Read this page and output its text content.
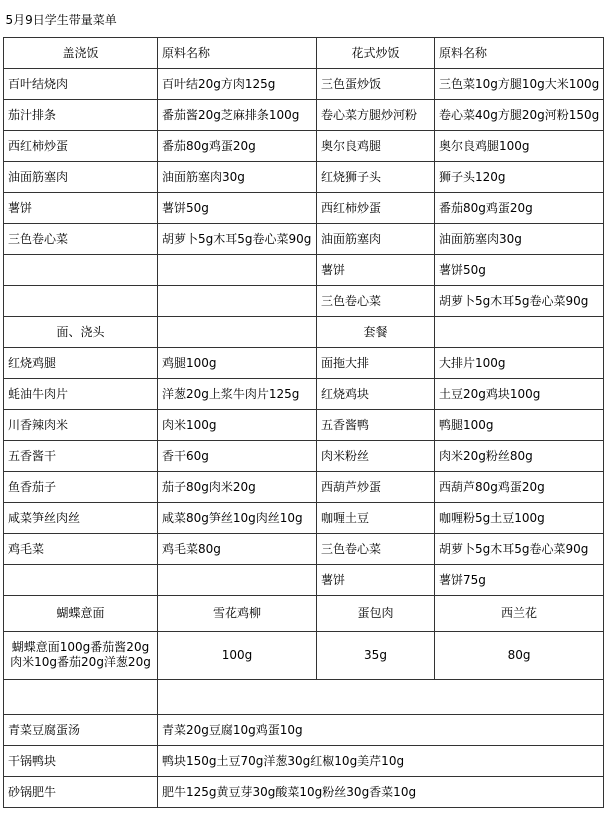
5月9日学生带量菜单			
盖浇饭	原料名称	花式炒饭	原料名称
百叶结烧肉	百叶结20g方肉125g	三色蛋炒饭	三色菜10g方腿10g大米100g
茄汁排条	番茄酱20g芝麻排条100g	卷心菜方腿炒河粉	卷心菜40g方腿20g河粉150g
西红柿炒蛋	番茄80g鸡蛋20g	奥尔良鸡腿	奥尔良鸡腿100g
油面筋塞肉	油面筋塞肉30g	红烧狮子头	狮子头120g
薯饼	薯饼50g	西红柿炒蛋	番茄80g鸡蛋20g
三色卷心菜	胡萝卜5g木耳5g卷心菜90g	油面筋塞肉	油面筋塞肉30g
		薯饼	薯饼50g
		三色卷心菜	胡萝卜5g木耳5g卷心菜90g
面、浇头		套餐	
红烧鸡腿	鸡腿100g	面拖大排	大排片100g
蚝油牛肉片	洋葱20g上浆牛肉片125g	红烧鸡块	土豆20g鸡块100g
川香辣肉米	肉米100g	五香酱鸭	鸭腿100g
五香酱干	香干60g	肉米粉丝	肉米20g粉丝80g
鱼香茄子	茄子80g肉米20g	西葫芦炒蛋	西葫芦80g鸡蛋20g
咸菜笋丝肉丝	咸菜80g笋丝10g肉丝10g	咖喱土豆	咖喱粉5g土豆100g
鸡毛菜	鸡毛菜80g	三色卷心菜	胡萝卜5g木耳5g卷心菜90g
		薯饼	薯饼75g
蝴蝶意面	雪花鸡柳	蛋包肉	西兰花

蝴蝶意面100g番茄酱20g
肉米10g番茄20g洋葱20g	100g	35g	80g

青菜豆腐蛋汤	青菜20g豆腐10g鸡蛋10g		
干锅鸭块	鸭块150g土豆70g洋葱30g红椒10g美芹10g		
砂锅肥牛	肥牛125g黄豆芽30g酸菜10g粉丝30g香菜10g		
